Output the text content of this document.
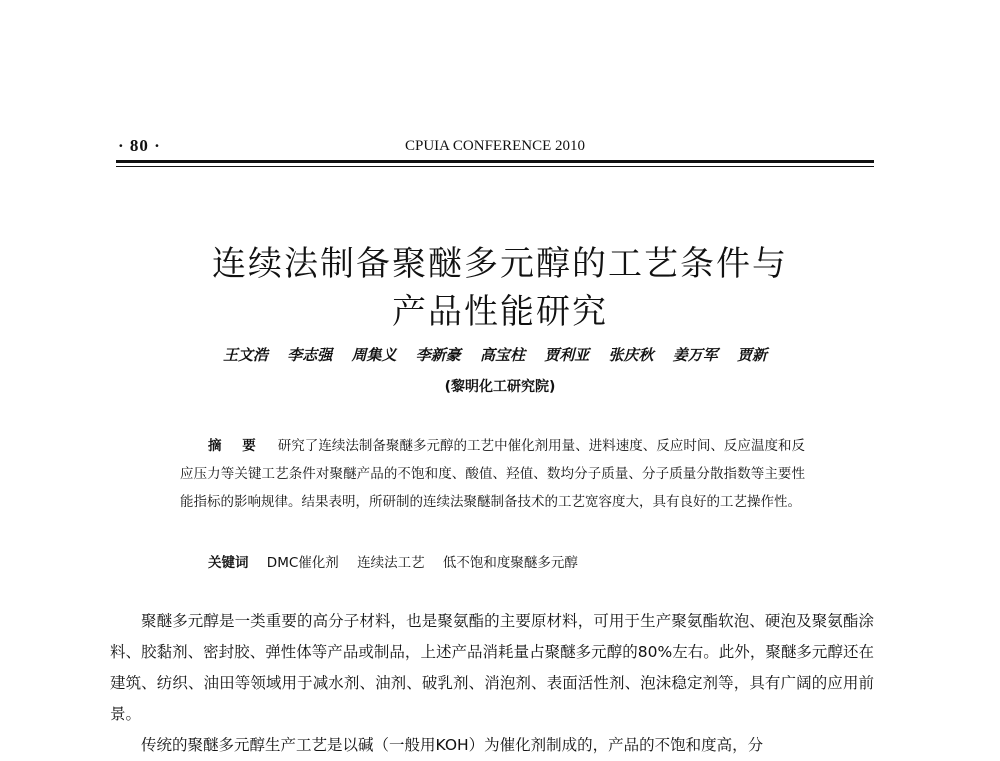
· 80 ·	CPUIA CONFERENCE 2010
连续法制备聚醚多元醇的工艺条件与
产品性能研究
王文浩 李志强 周集义 李新豪 高宝柱 贾利亚 张庆秋 姜万军 贾新
(黎明化工研究院)
摘 要 研究了连续法制备聚醚多元醇的工艺中催化剂用量、进料速度、反应时间、反应温度和反应压力等关键工艺条件对聚醚产品的不饱和度、酸值、羟值、数均分子质量、分子质量分散指数等主要性能指标的影响规律。结果表明，所研制的连续法聚醚制备技术的工艺宽容度大，具有良好的工艺操作性。
关键词 DMC催化剂 连续法工艺 低不饱和度聚醚多元醇

聚醚多元醇是一类重要的高分子材料，也是聚氨酯的主要原材料，可用于生产聚氨酯软泡、硬泡及聚氨酯涂料、胶黏剂、密封胶、弹性体等产品或制品，上述产品消耗量占聚醚多元醇的80%左右。此外，聚醚多元醇还在建筑、纺织、油田等领域用于减水剂、油剂、破乳剂、消泡剂、表面活性剂、泡沫稳定剂等，具有广阔的应用前景。

传统的聚醚多元醇生产工艺是以碱（一般用KOH）为催化剂制成的，产品的不饱和度高，分
